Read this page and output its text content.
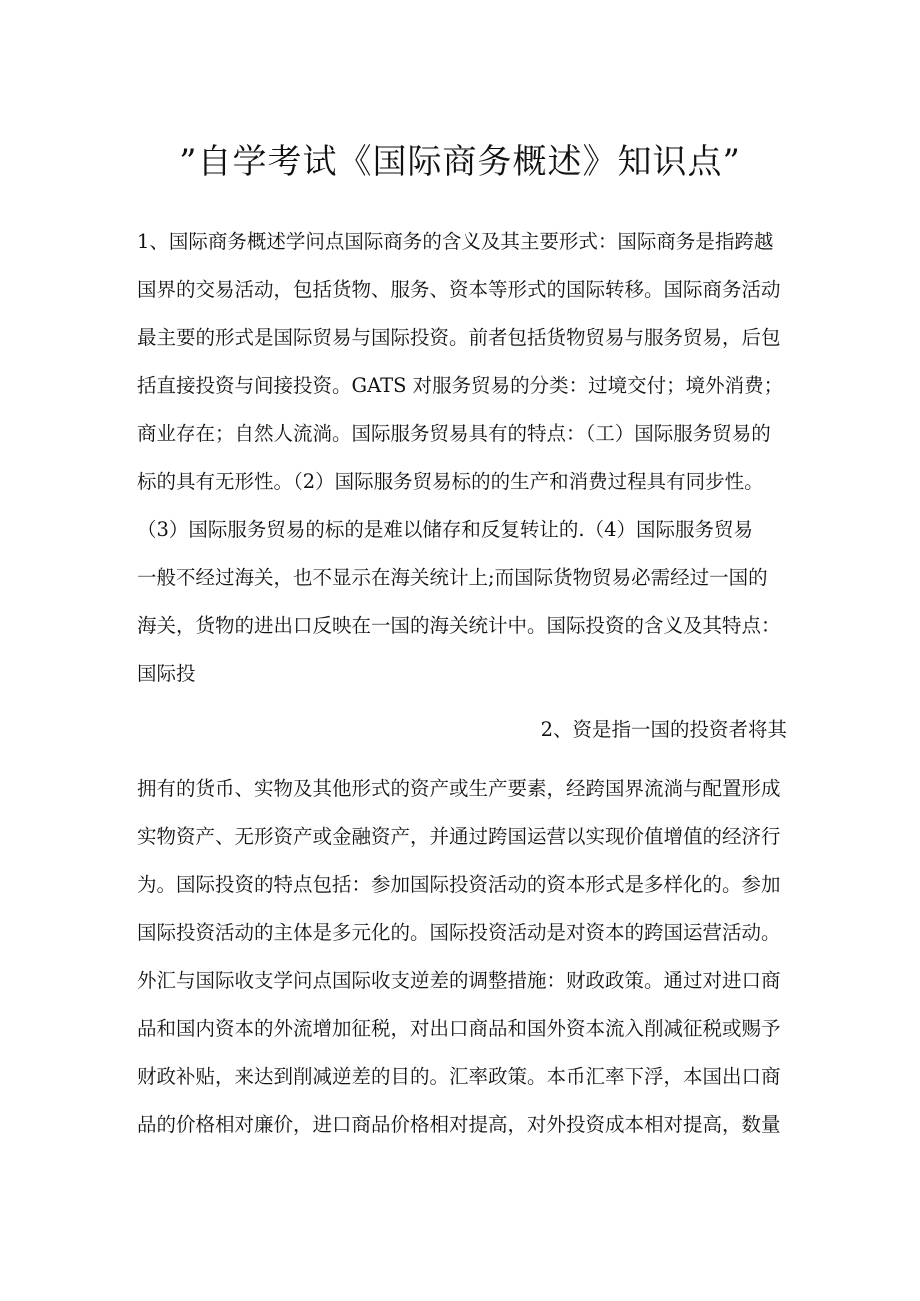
”自学考试《国际商务概述》知识点”
1、国际商务概述学问点国际商务的含义及其主要形式：国际商务是指跨越
国界的交易活动，包括货物、服务、资本等形式的国际转移。国际商务活动
最主要的形式是国际贸易与国际投资。前者包括货物贸易与服务贸易，后包
括直接投资与间接投资。GATS 对服务贸易的分类：过境交付；境外消费；
商业存在；自然人流淌。国际服务贸易具有的特点：（工）国际服务贸易的
标的具有无形性。（2）国际服务贸易标的的生产和消费过程具有同步性。
（3）国际服务贸易的标的是难以储存和反复转让的.（4）国际服务贸易
一般不经过海关，也不显示在海关统计上;而国际货物贸易必需经过一国的
海关，货物的进出口反映在一国的海关统计中。国际投资的含义及其特点：
国际投
2、资是指一国的投资者将其
拥有的货币、实物及其他形式的资产或生产要素，经跨国界流淌与配置形成
实物资产、无形资产或金融资产，并通过跨国运营以实现价值增值的经济行
为。国际投资的特点包括：参加国际投资活动的资本形式是多样化的。参加
国际投资活动的主体是多元化的。国际投资活动是对资本的跨国运营活动。
外汇与国际收支学问点国际收支逆差的调整措施：财政政策。通过对进口商
品和国内资本的外流增加征税，对出口商品和国外资本流入削减征税或赐予
财政补贴，来达到削减逆差的目的。汇率政策。本币汇率下浮，本国出口商
品的价格相对廉价，进口商品价格相对提高，对外投资成本相对提高，数量
